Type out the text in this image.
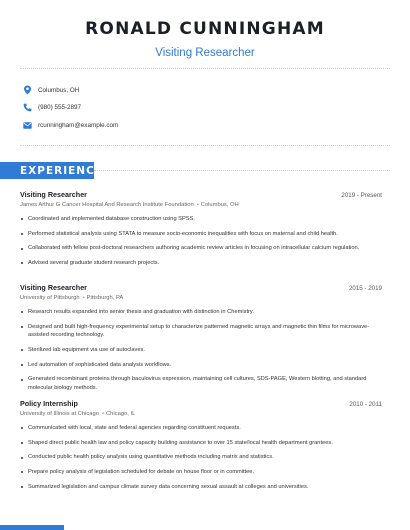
RONALD CUNNINGHAM
Visiting Researcher
Columbus, OH
(980) 555-2897
rcunningham@example.com
EXPERIENCE
Visiting Researcher	2019 - Present
James Arthur G Cancer Hospital And Research Institute Foundation • Columbus, OH
Coordinated and implemented database construction using SPSS.
Performed statistical analysis using STATA to measure socio-economic inequalities with focus on maternal and child health.
Collaborated with fellow post-doctoral researchers authoring academic review articles in focusing on intracellular calcium regulation.
Advised several graduate student research projects.
Visiting Researcher	2015 - 2019
University of Pittsburgh • Pittsburgh, PA
Research results expanded into senior thesis and graduation with distinction in Chemistry.
Designed and built high-frequency experimental setup to characterize patterned magnetic arrays and magnetic thin films for microwave-assisted recording technology.
Sterilized lab equipment via use of autoclaves.
Led automation of sophisticated data analysis workflows.
Generated recombinant proteins through baculovirus expression, maintaining cell cultures, SDS-PAGE, Western blotting, and standard molecular biology methods.
Policy Internship	2010 - 2011
University of Illinois at Chicago • Chicago, IL
Communicated with local, state and federal agencies regarding constituent requests.
Shaped direct public health law and policy capacity building assistance to over 15 state/local health department grantees.
Conducted public health policy analysis using quantitative methods including matrix and statistics.
Prepare policy analysis of legislation scheduled for debate on house floor or in committee.
Summarized legislation and campus climate survey data concerning sexual assault at colleges and universities.
